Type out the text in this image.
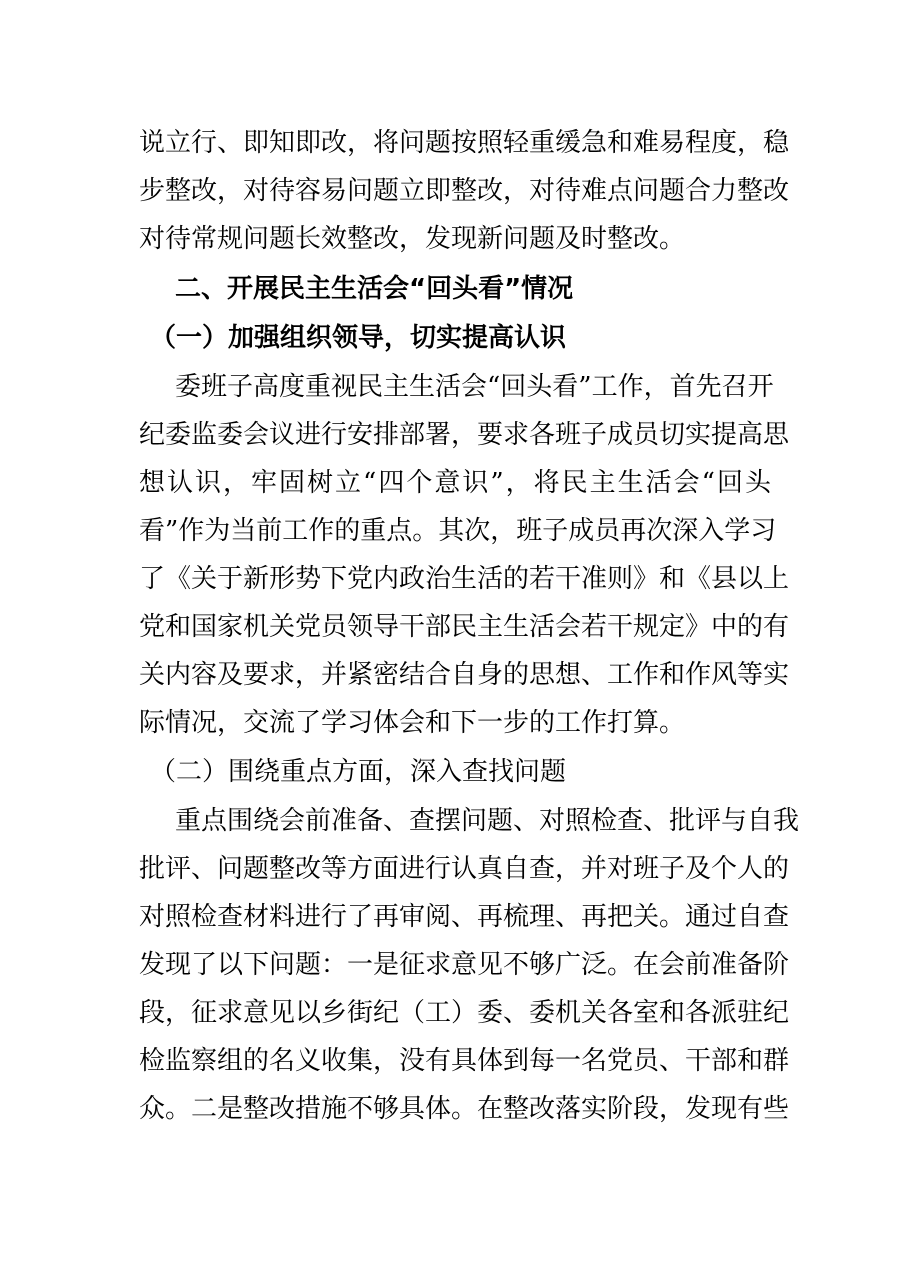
说立行、即知即改，将问题按照轻重缓急和难易程度，稳
步整改，对待容易问题立即整改，对待难点问题合力整改
对待常规问题长效整改，发现新问题及时整改。
二、开展民主生活会“回头看”情况
（一）加强组织领导，切实提高认识
委班子高度重视民主生活会“回头看”工作，首先召开
纪委监委会议进行安排部署，要求各班子成员切实提高思
想认识，牢固树立“四个意识”，将民主生活会“回头
看”作为当前工作的重点。其次，班子成员再次深入学习
了《关于新形势下党内政治生活的若干准则》和《县以上
党和国家机关党员领导干部民主生活会若干规定》中的有
关内容及要求，并紧密结合自身的思想、工作和作风等实
际情况，交流了学习体会和下一步的工作打算。
（二）围绕重点方面，深入查找问题
重点围绕会前准备、查摆问题、对照检查、批评与自我
批评、问题整改等方面进行认真自查，并对班子及个人的
对照检查材料进行了再审阅、再梳理、再把关。通过自查
发现了以下问题：一是征求意见不够广泛。在会前准备阶
段，征求意见以乡街纪（工）委、委机关各室和各派驻纪
检监察组的名义收集，没有具体到每一名党员、干部和群
众。二是整改措施不够具体。在整改落实阶段，发现有些
